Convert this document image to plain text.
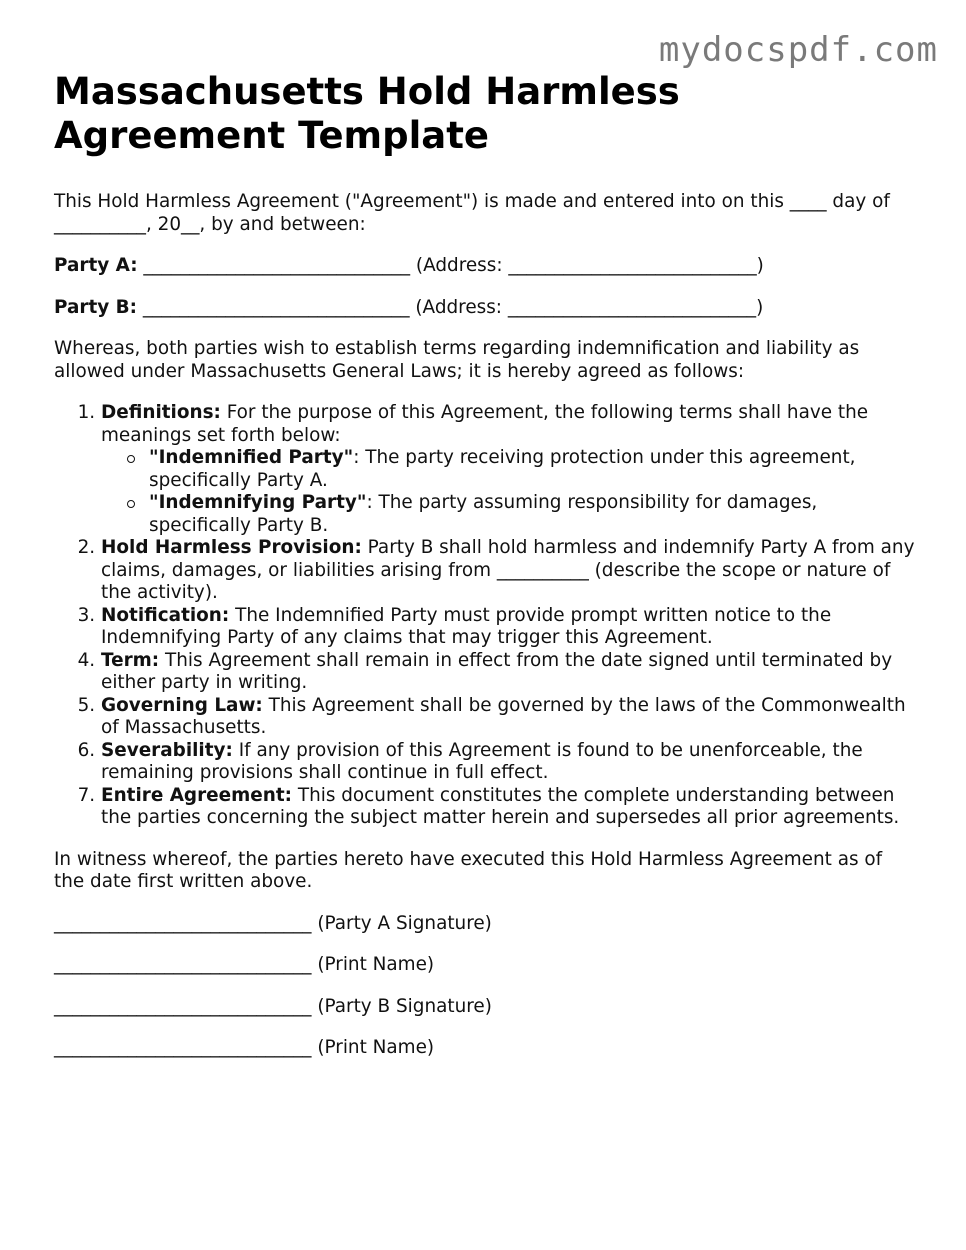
mydocspdf.com
Massachusetts Hold Harmless Agreement Template

This Hold Harmless Agreement ("Agreement") is made and entered into on this ____ day of __________, 20__, by and between:

Party A: _____________________________ (Address: ___________________________)

Party B: _____________________________ (Address: ___________________________)

Whereas, both parties wish to establish terms regarding indemnification and liability as allowed under Massachusetts General Laws; it is hereby agreed as follows:

1. Definitions: For the purpose of this Agreement, the following terms shall have the meanings set forth below:
"Indemnified Party": The party receiving protection under this agreement, specifically Party A.
"Indemnifying Party": The party assuming responsibility for damages, specifically Party B.
2. Hold Harmless Provision: Party B shall hold harmless and indemnify Party A from any claims, damages, or liabilities arising from __________ (describe the scope or nature of the activity).
3. Notification: The Indemnified Party must provide prompt written notice to the Indemnifying Party of any claims that may trigger this Agreement.
4. Term: This Agreement shall remain in effect from the date signed until terminated by either party in writing.
5. Governing Law: This Agreement shall be governed by the laws of the Commonwealth of Massachusetts.
6. Severability: If any provision of this Agreement is found to be unenforceable, the remaining provisions shall continue in full effect.
7. Entire Agreement: This document constitutes the complete understanding between the parties concerning the subject matter herein and supersedes all prior agreements.

In witness whereof, the parties hereto have executed this Hold Harmless Agreement as of the date first written above.

____________________________ (Party A Signature)

____________________________ (Print Name)

____________________________ (Party B Signature)

____________________________ (Print Name)
